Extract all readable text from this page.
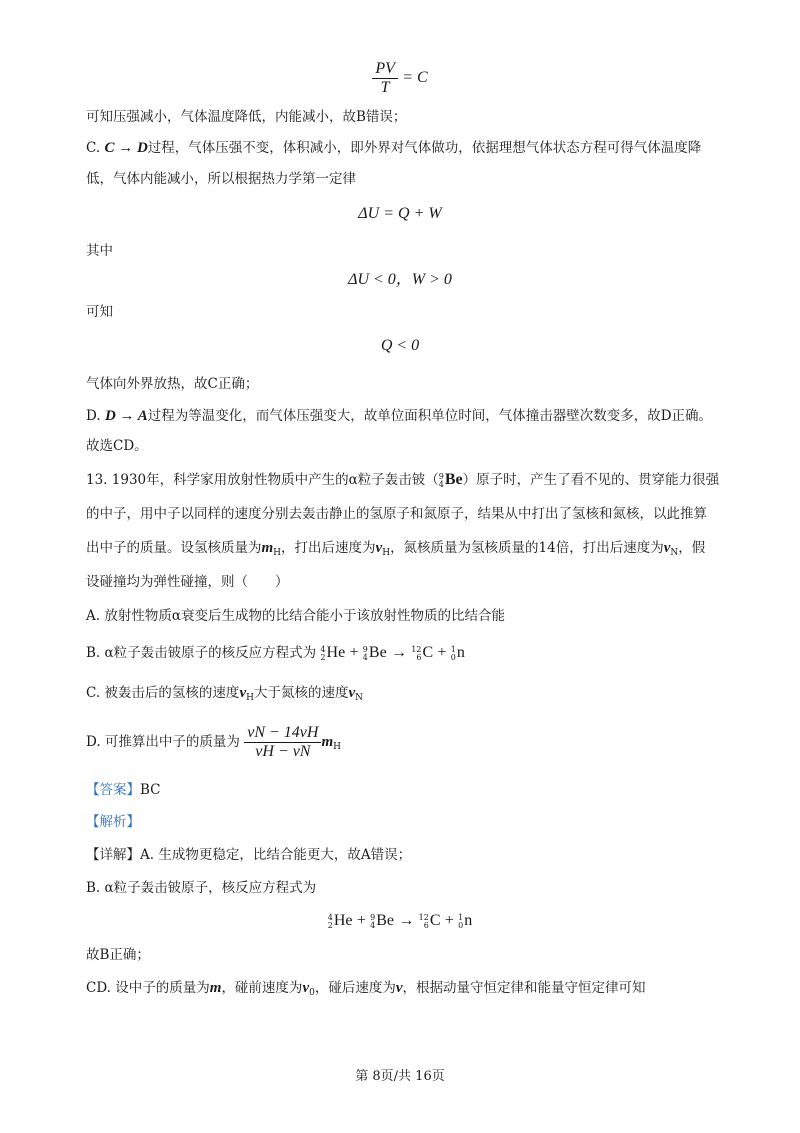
$\frac{PV}{T} = C$
可知压强减小，气体温度降低，内能减小，故B错误；
C. C → D过程，气体压强不变，体积减小，即外界对气体做功，依据理想气体状态方程可得气体温度降
低，气体内能减小，所以根据热力学第一定律
ΔU = Q + W
其中
ΔU < 0，W > 0
可知
Q < 0
气体向外界放热，故C正确；
D. D → A过程为等温变化，而气体压强变大，故单位面积单位时间，气体撞击器壁次数变多，故D正确。
故选CD。
13. 1930年，科学家用放射性物质中产生的α粒子轰击铍（ 9
4 Be）原子时，产生了看不见的、贯穿能力很强
的中子，用中子以同样的速度分别去轰击静止的氢原子和氮原子，结果从中打出了氢核和氮核，以此推算
出中子的质量。设氢核质量为$m_H$，打出后速度为$v_H$，氮核质量为氢核质量的14倍，打出后速度为$v_N$，假
设碰撞均为弹性碰撞，则（　　）
A. 放射性物质α衰变后生成物的比结合能小于该放射性物质的比结合能
B. α粒子轰击铍原子的核反应方程式为 4
2 He + 9
4 Be → 12
6 C + 1
0 n
C. 被轰击后的氢核的速度$v_H$大于氮核的速度$v_N$
D. 可推算出中子的质量为 $\frac{vN - 14vH}{vH - vN} m_H$
【答案】BC
【解析】
【详解】A. 生成物更稳定，比结合能更大，故A错误；
B. α粒子轰击铍原子，核反应方程式为
4
2 He + 9
4 Be → 12
6 C + 1
0 n
故B正确；
CD. 设中子的质量为m，碰前速度为$v_0$，碰后速度为v，根据动量守恒定律和能量守恒定律可知
第 8页/共 16页
